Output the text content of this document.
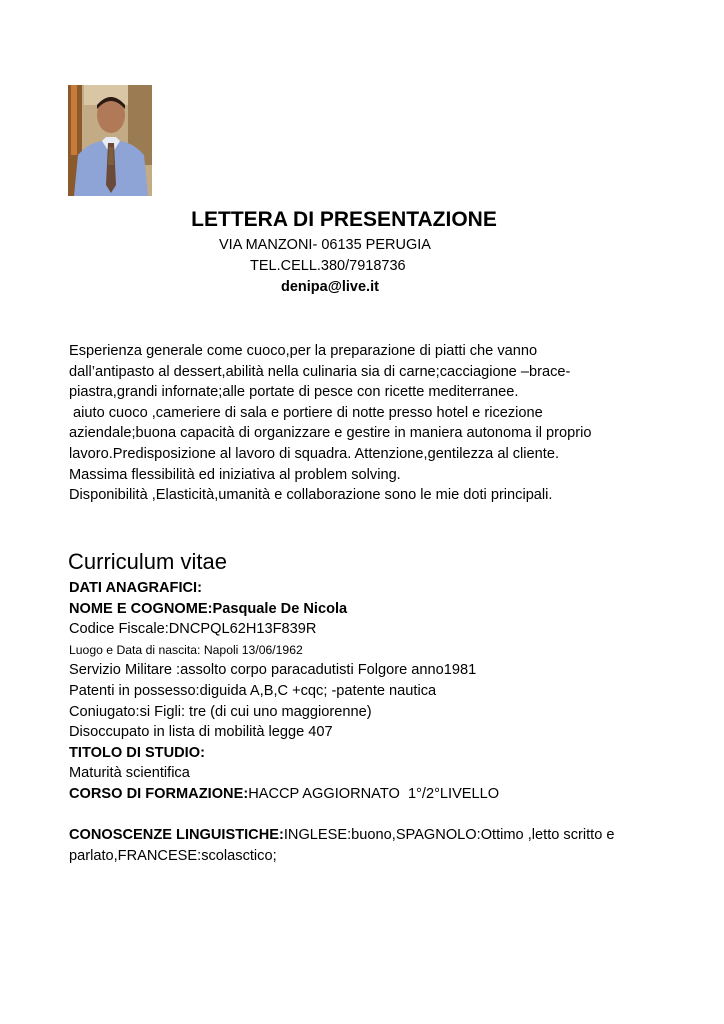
LETTERA DI PRESENTAZIONE
VIA MANZONI- 06135 PERUGIA
TEL.CELL.380/7918736
denipa@live.it
Esperienza generale come cuoco,per la preparazione di piatti che vanno
dall’antipasto al dessert,abilità nella culinaria sia di carne;cacciagione –brace-
piastra,grandi infornate;alle portate di pesce con ricette mediterranee.
aiuto cuoco ,cameriere di sala e portiere di notte presso hotel e ricezione
aziendale;buona capacità di organizzare e gestire in maniera autonoma il proprio
lavoro.Predisposizione al lavoro di squadra. Attenzione,gentilezza al cliente.
Massima flessibilità ed iniziativa al problem solving.
Disponibilità ,Elasticità,umanità e collaborazione sono le mie doti principali.
Curriculum vitae
DATI ANAGRAFICI:
NOME E COGNOME:Pasquale De Nicola
Codice Fiscale:DNCPQL62H13F839R
Luogo e Data di nascita: Napoli 13/06/1962
Servizio Militare :assolto corpo paracadutisti Folgore anno1981
Patenti in possesso:diguida A,B,C +cqc; -patente nautica
Coniugato:si Figli: tre (di cui uno maggiorenne)
Disoccupato in lista di mobilità legge 407
TITOLO DI STUDIO:
Maturità scientifica
CORSO DI FORMAZIONE:HACCP AGGIORNATO  1°/2°LIVELLO
CONOSCENZE LINGUISTICHE:INGLESE:buono,SPAGNOLO:Ottimo ,letto scritto e
parlato,FRANCESE:scolasctico;
